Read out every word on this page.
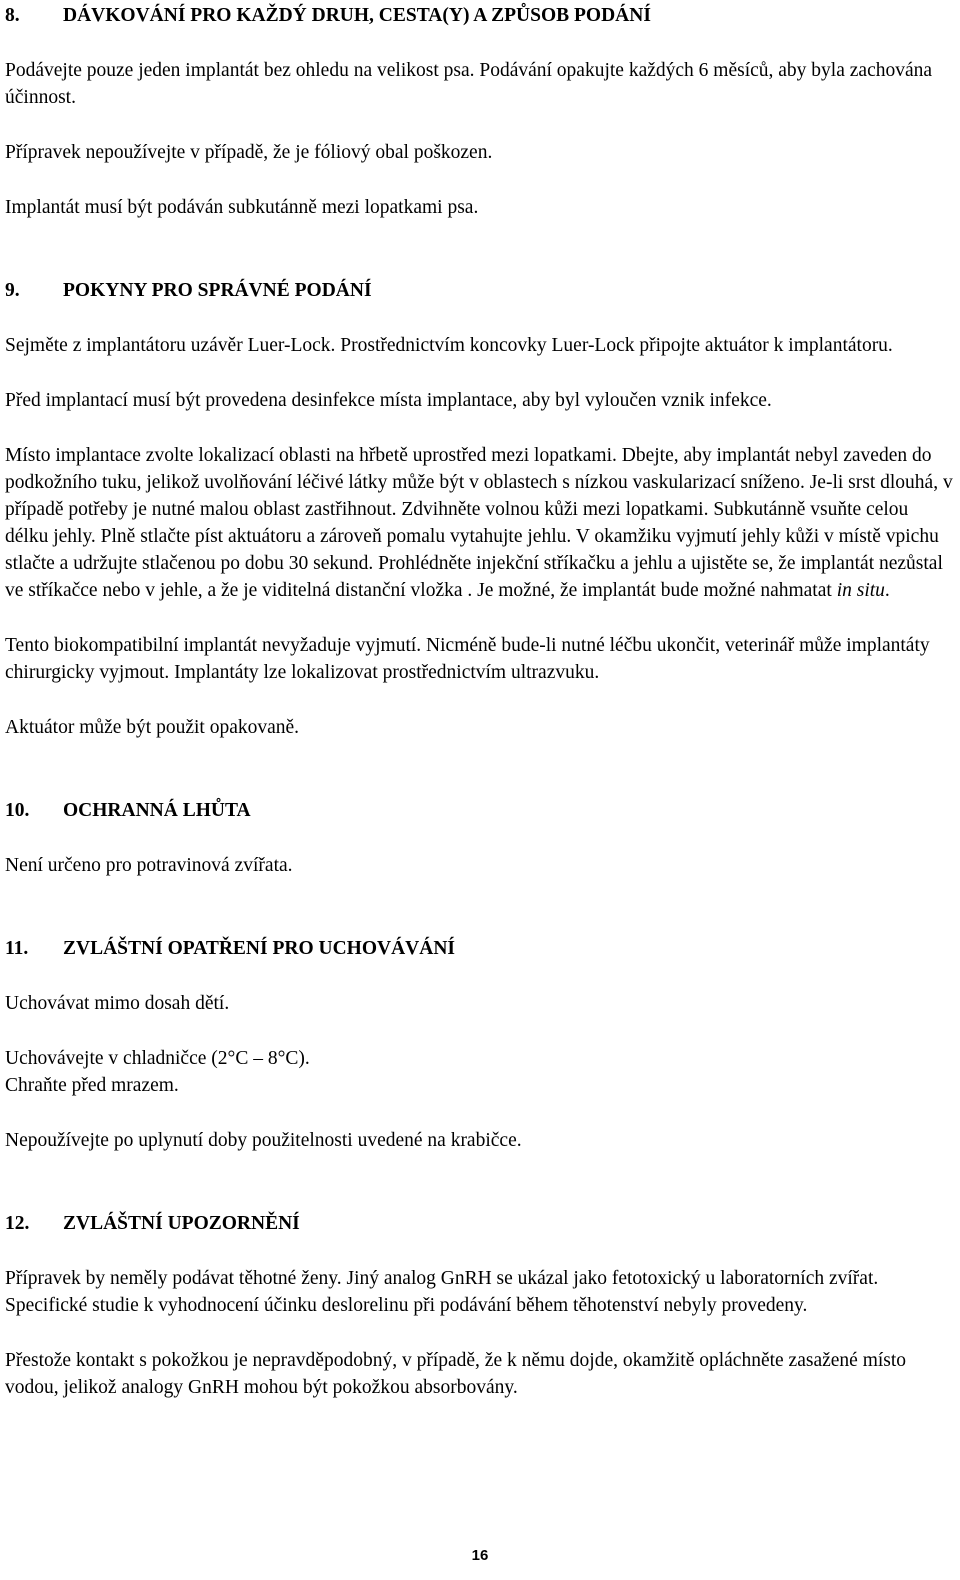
8.	DÁVKOVÁNÍ PRO KAŽDÝ DRUH, CESTA(Y) A ZPŮSOB PODÁNÍ

Podávejte pouze jeden implantát bez ohledu na velikost psa. Podávání opakujte každých 6 měsíců, aby byla zachována účinnost.

Přípravek nepoužívejte v případě, že je fóliový obal poškozen.

Implantát musí být podáván subkutánně mezi lopatkami psa.

9.	POKYNY PRO SPRÁVNÉ PODÁNÍ

Sejměte z implantátoru uzávěr Luer-Lock. Prostřednictvím koncovky Luer-Lock připojte aktuátor k implantátoru.

Před implantací musí být provedena desinfekce místa implantace, aby byl vyloučen vznik infekce.

Místo implantace zvolte lokalizací oblasti na hřbetě uprostřed mezi lopatkami. Dbejte, aby implantát nebyl zaveden do podkožního tuku, jelikož uvolňování léčivé látky může být v oblastech s nízkou vaskularizací sníženo. Je-li srst dlouhá, v případě potřeby je nutné malou oblast zastřihnout. Zdvihněte volnou kůži mezi lopatkami. Subkutánně vsuňte celou délku jehly. Plně stlačte píst aktuátoru a zároveň pomalu vytahujte jehlu. V okamžiku vyjmutí jehly kůži v místě vpichu stlačte a udržujte stlačenou po dobu 30 sekund. Prohlédněte injekční stříkačku a jehlu a ujistěte se, že implantát nezůstal ve stříkačce nebo v jehle, a že je viditelná distanční vložka . Je možné, že implantát bude možné nahmatat in situ.

Tento biokompatibilní implantát nevyžaduje vyjmutí. Nicméně bude-li nutné léčbu ukončit, veterinář může implantáty chirurgicky vyjmout. Implantáty lze lokalizovat prostřednictvím ultrazvuku.

Aktuátor může být použit opakovaně.

10.	OCHRANNÁ LHŮTA

Není určeno pro potravinová zvířata.

11.	ZVLÁŠTNÍ OPATŘENÍ PRO UCHOVÁVÁNÍ

Uchovávat mimo dosah dětí.

Uchovávejte v chladničce (2°C – 8°C).

Chraňte před mrazem.

Nepoužívejte po uplynutí doby použitelnosti uvedené na krabičce.

12.	ZVLÁŠTNÍ UPOZORNĚNÍ

Přípravek by neměly podávat těhotné ženy. Jiný analog GnRH se ukázal jako fetotoxický u laboratorních zvířat. Specifické studie k vyhodnocení účinku deslorelinu při podávání během těhotenství nebyly provedeny.

Přestože kontakt s pokožkou je nepravděpodobný, v případě, že k němu dojde, okamžitě opláchněte zasažené místo vodou, jelikož analogy GnRH mohou být pokožkou absorbovány.

16
